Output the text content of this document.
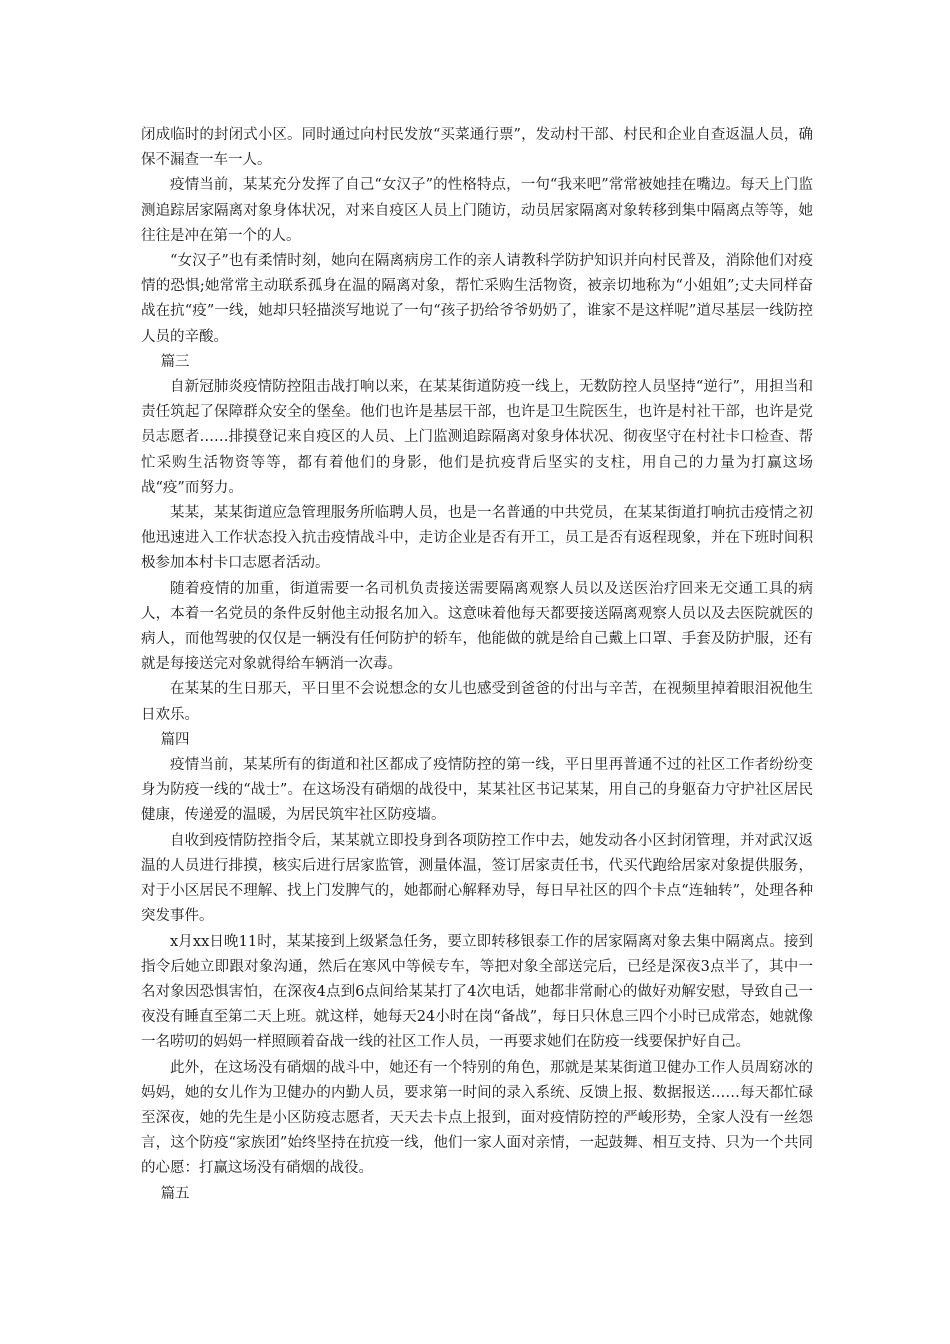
闭成临时的封闭式小区。同时通过向村民发放“买菜通行票”，发动村干部、村民和企业自查返温人员，确保不漏查一车一人。

疫情当前，某某充分发挥了自己“女汉子”的性格特点，一句“我来吧”常常被她挂在嘴边。每天上门监测追踪居家隔离对象身体状况，对来自疫区人员上门随访，动员居家隔离对象转移到集中隔离点等等，她往往是冲在第一个的人。

“女汉子”也有柔情时刻，她向在隔离病房工作的亲人请教科学防护知识并向村民普及，消除他们对疫情的恐惧;她常常主动联系孤身在温的隔离对象，帮忙采购生活物资，被亲切地称为“小姐姐”;丈夫同样奋战在抗“疫”一线，她却只轻描淡写地说了一句“孩子扔给爷爷奶奶了，谁家不是这样呢”道尽基层一线防控人员的辛酸。

篇三

自新冠肺炎疫情防控阻击战打响以来，在某某街道防疫一线上，无数防控人员坚持“逆行”，用担当和责任筑起了保障群众安全的堡垒。他们也许是基层干部，也许是卫生院医生，也许是村社干部，也许是党员志愿者……排摸登记来自疫区的人员、上门监测追踪隔离对象身体状况、彻夜坚守在村社卡口检查、帮忙采购生活物资等等，都有着他们的身影，他们是抗疫背后坚实的支柱，用自己的力量为打赢这场战“疫”而努力。

某某，某某街道应急管理服务所临聘人员，也是一名普通的中共党员，在某某街道打响抗击疫情之初他迅速进入工作状态投入抗击疫情战斗中，走访企业是否有开工，员工是否有返程现象，并在下班时间积极参加本村卡口志愿者活动。

随着疫情的加重，街道需要一名司机负责接送需要隔离观察人员以及送医治疗回来无交通工具的病人，本着一名党员的条件反射他主动报名加入。这意味着他每天都要接送隔离观察人员以及去医院就医的病人，而他驾驶的仅仅是一辆没有任何防护的轿车，他能做的就是给自己戴上口罩、手套及防护服，还有就是每接送完对象就得给车辆消一次毒。

在某某的生日那天，平日里不会说想念的女儿也感受到爸爸的付出与辛苦，在视频里掉着眼泪祝他生日欢乐。

篇四

疫情当前，某某所有的街道和社区都成了疫情防控的第一线，平日里再普通不过的社区工作者纷纷变身为防疫一线的“战士”。在这场没有硝烟的战役中，某某社区书记某某，用自己的身躯奋力守护社区居民健康，传递爱的温暖，为居民筑牢社区防疫墙。

自收到疫情防控指令后，某某就立即投身到各项防控工作中去，她发动各小区封闭管理，并对武汉返温的人员进行排摸，核实后进行居家监管，测量体温，签订居家责任书，代买代跑给居家对象提供服务，对于小区居民不理解、找上门发脾气的，她都耐心解释劝导，每日早社区的四个卡点“连轴转”，处理各种突发事件。

x月xx日晚11时，某某接到上级紧急任务，要立即转移银泰工作的居家隔离对象去集中隔离点。接到指令后她立即跟对象沟通，然后在寒风中等候专车，等把对象全部送完后，已经是深夜3点半了，其中一名对象因恐惧害怕，在深夜4点到6点间给某某打了4次电话，她都非常耐心的做好劝解安慰，导致自己一夜没有睡直至第二天上班。就这样，她每天24小时在岗“备战”，每日只休息三四个小时已成常态，她就像一名唠叨的妈妈一样照顾着奋战一线的社区工作人员，一再要求她们在防疫一线要保护好自己。

此外，在这场没有硝烟的战斗中，她还有一个特别的角色，那就是某某街道卫健办工作人员周窈冰的妈妈，她的女儿作为卫健办的内勤人员，要求第一时间的录入系统、反馈上报、数据报送……每天都忙碌至深夜，她的先生是小区防疫志愿者，天天去卡点上报到，面对疫情防控的严峻形势，全家人没有一丝怨言，这个防疫“家族团”始终坚持在抗疫一线，他们一家人面对亲情，一起鼓舞、相互支持、只为一个共同的心愿：打赢这场没有硝烟的战役。

篇五
